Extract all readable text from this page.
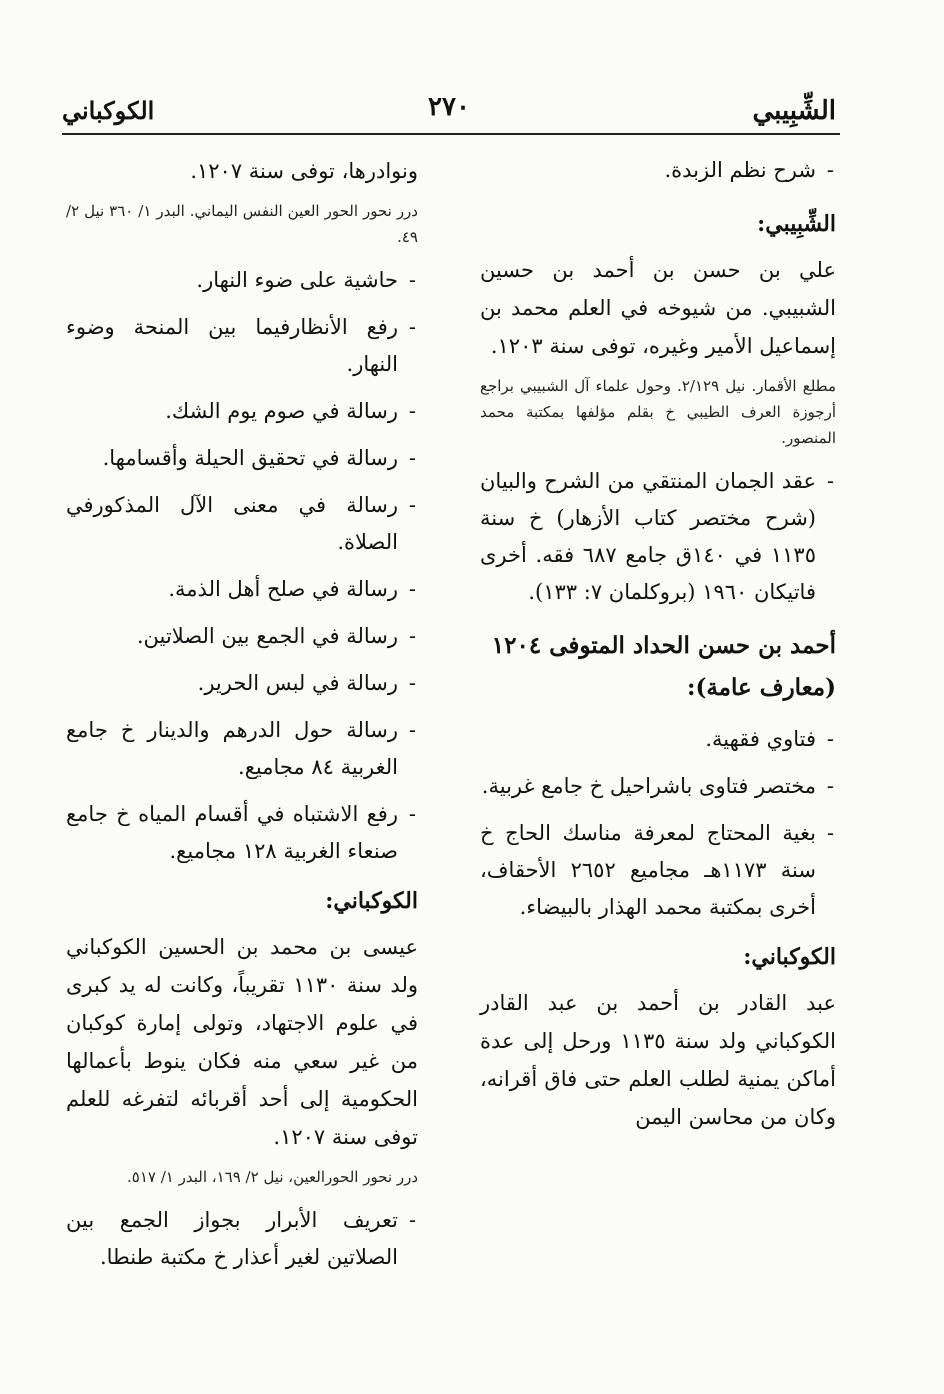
الشِّبِيبي
٢٧٠
الكوكباني
- شرح نظم الزبدة.
الشِّبِيبي:

علي بن حسن بن أحمد بن حسين الشبيبي. من شيوخه في العلم محمد بن إسماعيل الأمير وغيره، توفى سنة ١٢٠٣.

مطلع الأقمار. نيل ٢/١٢٩. وحول علماء آل الشبيبي براجع أرجوزة العرف الطيبي خ بقلم مؤلفها بمكتبة محمد المنصور.
- عقد الجمان المنتقي من الشرح والبيان (شرح مختصر كتاب الأزهار) خ سنة ١١٣٥ في ١٤٠ق جامع ٦٨٧ فقه. أخرى فاتيكان ١٩٦٠ (بروكلمان ٧: ١٣٣).
أحمد بن حسن الحداد المتوفى ١٢٠٤ (معارف عامة):
- فتاوي فقهية.
- مختصر فتاوى باشراحيل خ جامع غربية.
- بغية المحتاج لمعرفة مناسك الحاج خ سنة ١١٧٣هـ مجاميع ٢٦٥٢ الأحقاف، أخرى بمكتبة محمد الهذار بالبيضاء.
الكوكباني:

عبد القادر بن أحمد بن عبد القادر الكوكباني ولد سنة ١١٣٥ ورحل إلى عدة أماكن يمنية لطلب العلم حتى فاق أقرانه، وكان من محاسن اليمن

ونوادرها، توفى سنة ١٢٠٧.

درر نحور الحور العين النفس اليماني. البدر ١/ ٣٦٠ نيل ٢/ ٤٩.
- حاشية على ضوء النهار.
- رفع الأنظارفيما بين المنحة وضوء النهار.
- رسالة في صوم يوم الشك.
- رسالة في تحقيق الحيلة وأقسامها.
- رسالة في معنى الآل المذكورفي الصلاة.
- رسالة في صلح أهل الذمة.
- رسالة في الجمع بين الصلاتين.
- رسالة في لبس الحرير.
- رسالة حول الدرهم والدينار خ جامع الغربية ٨٤ مجاميع.
- رفع الاشتباه في أقسام المياه خ جامع صنعاء الغربية ١٢٨ مجاميع.
الكوكباني:

عيسى بن محمد بن الحسين الكوكباني ولد سنة ١١٣٠ تقريباً، وكانت له يد كبرى في علوم الاجتهاد، وتولى إمارة كوكبان من غير سعي منه فكان ينوط بأعمالها الحكومية إلى أحد أقربائه لتفرغه للعلم توفى سنة ١٢٠٧.

درر نحور الحورالعين، نيل ٢/ ١٦٩، البدر ١/ ٥١٧.
- تعريف الأبرار بجواز الجمع بين الصلاتين لغير أعذار خ مكتبة طنطا.
